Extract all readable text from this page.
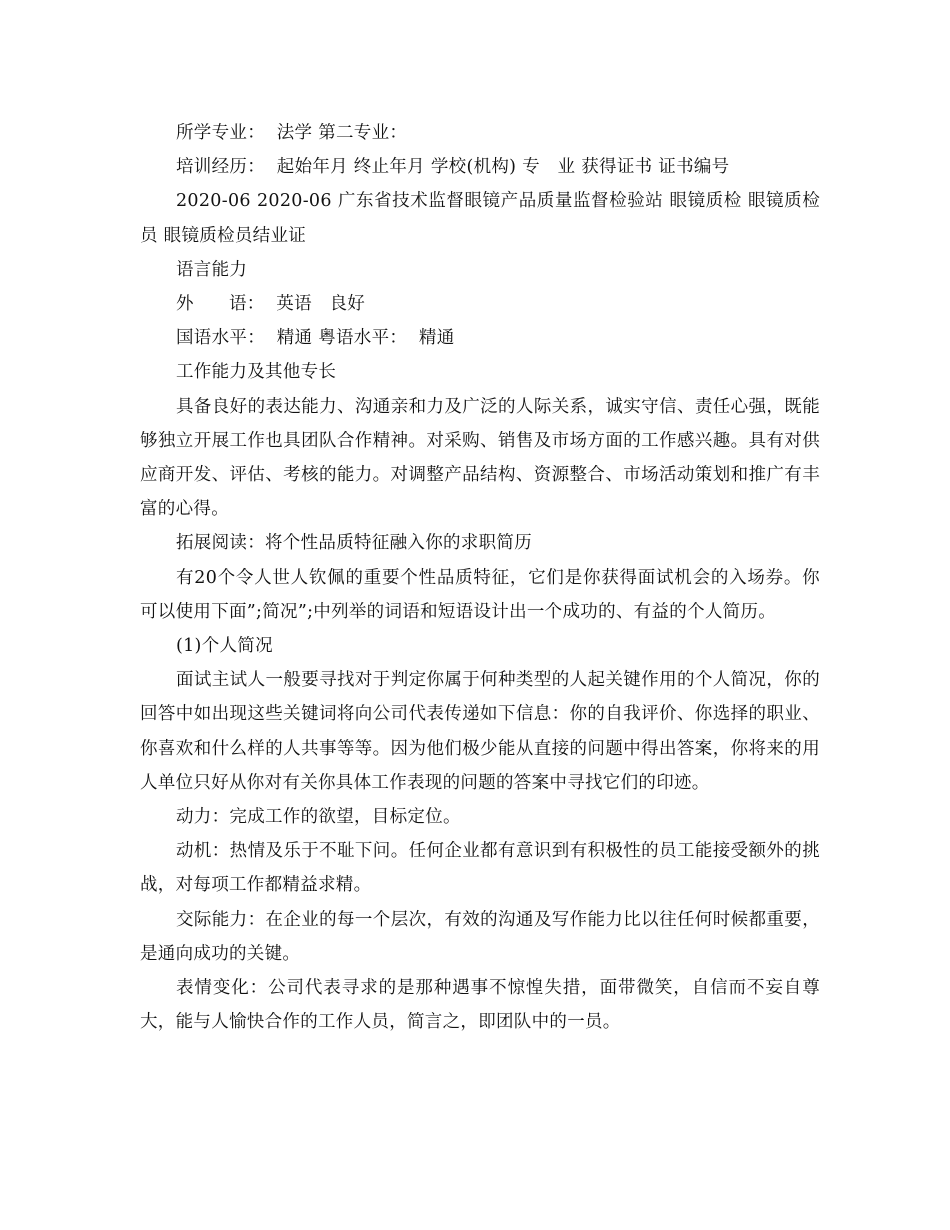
所学专业：  法学 第二专业：

培训经历：  起始年月 终止年月 学校(机构) 专   业 获得证书 证书编号

2020-06 2020-06 广东省技术监督眼镜产品质量监督检验站 眼镜质检 眼镜质检员 眼镜质检员结业证

语言能力

外      语：  英语   良好

国语水平：  精通 粤语水平：  精通

工作能力及其他专长

具备良好的表达能力、沟通亲和力及广泛的人际关系，诚实守信、责任心强，既能够独立开展工作也具团队合作精神。对采购、销售及市场方面的工作感兴趣。具有对供应商开发、评估、考核的能力。对调整产品结构、资源整合、市场活动策划和推广有丰富的心得。

拓展阅读：将个性品质特征融入你的求职简历

有20个令人世人钦佩的重要个性品质特征，它们是你获得面试机会的入场券。你可以使用下面”;简况”;中列举的词语和短语设计出一个成功的、有益的个人简历。

(1)个人简况

面试主试人一般要寻找对于判定你属于何种类型的人起关键作用的个人简况，你的回答中如出现这些关键词将向公司代表传递如下信息：你的自我评价、你选择的职业、你喜欢和什么样的人共事等等。因为他们极少能从直接的问题中得出答案，你将来的用人单位只好从你对有关你具体工作表现的问题的答案中寻找它们的印迹。

动力：完成工作的欲望，目标定位。

动机：热情及乐于不耻下问。任何企业都有意识到有积极性的员工能接受额外的挑战，对每项工作都精益求精。

交际能力：在企业的每一个层次，有效的沟通及写作能力比以往任何时候都重要，是通向成功的关键。

表情变化：公司代表寻求的是那种遇事不惊惶失措，面带微笑，自信而不妄自尊大，能与人愉快合作的工作人员，简言之，即团队中的一员。
